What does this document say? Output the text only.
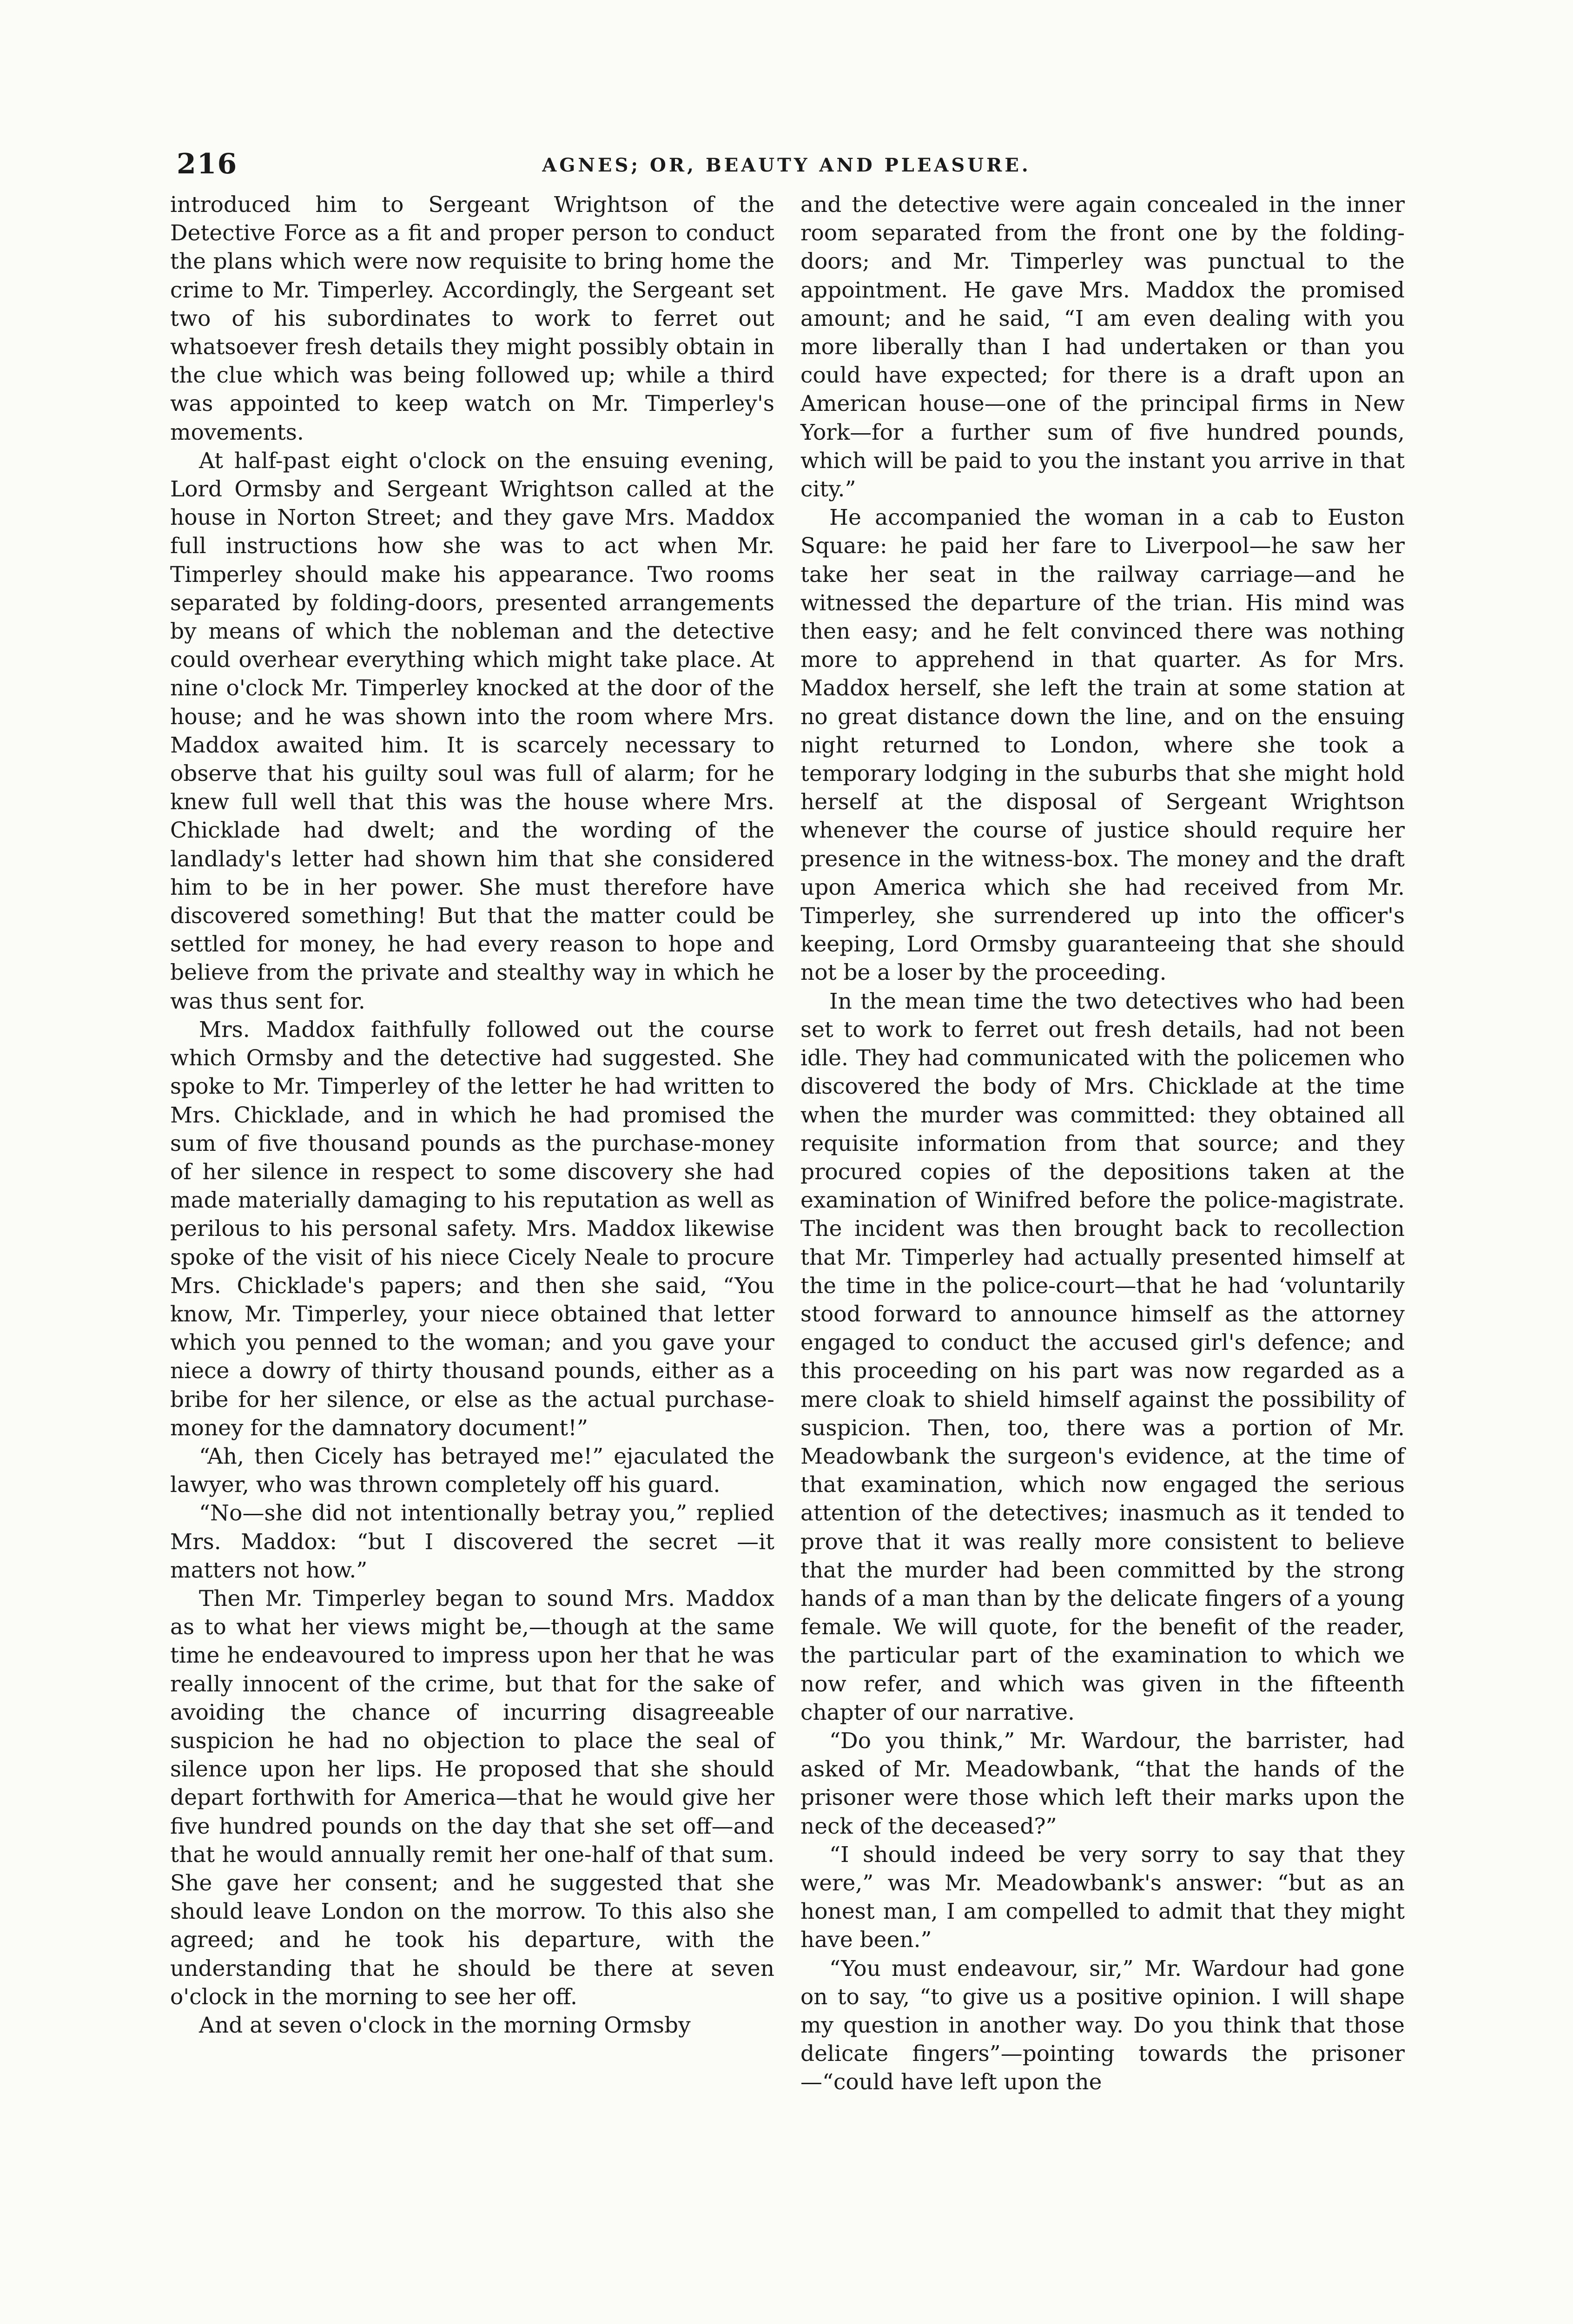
216	AGNES; OR, BEAUTY AND PLEASURE.

introduced him to Sergeant Wrightson of the Detective Force as a fit and proper person to conduct the plans which were now requisite to bring home the crime to Mr. Timperley. Accordingly, the Sergeant set two of his subordinates to work to ferret out whatsoever fresh details they might possibly obtain in the clue which was being followed up; while a third was appointed to keep watch on Mr. Timperley's movements.

At half-past eight o'clock on the ensuing evening, Lord Ormsby and Sergeant Wrightson called at the house in Norton Street; and they gave Mrs. Maddox full instructions how she was to act when Mr. Timperley should make his appearance. Two rooms separated by folding-doors, presented arrangements by means of which the nobleman and the detective could overhear everything which might take place. At nine o'clock Mr. Timperley knocked at the door of the house; and he was shown into the room where Mrs. Maddox awaited him. It is scarcely necessary to observe that his guilty soul was full of alarm; for he knew full well that this was the house where Mrs. Chicklade had dwelt; and the wording of the landlady's letter had shown him that she considered him to be in her power. She must therefore have discovered something! But that the matter could be settled for money, he had every reason to hope and believe from the private and stealthy way in which he was thus sent for.

Mrs. Maddox faithfully followed out the course which Ormsby and the detective had suggested. She spoke to Mr. Timperley of the letter he had written to Mrs. Chicklade, and in which he had promised the sum of five thousand pounds as the purchase-money of her silence in respect to some discovery she had made materially damaging to his reputation as well as perilous to his personal safety. Mrs. Maddox likewise spoke of the visit of his niece Cicely Neale to procure Mrs. Chicklade's papers; and then she said, “You know, Mr. Timperley, your niece obtained that letter which you penned to the woman; and you gave your niece a dowry of thirty thousand pounds, either as a bribe for her silence, or else as the actual purchase-money for the damnatory document!”

“Ah, then Cicely has betrayed me!” ejaculated the lawyer, who was thrown completely off his guard.

“No—she did not intentionally betray you,” replied Mrs. Maddox: “but I discovered the secret —it matters not how.”

Then Mr. Timperley began to sound Mrs. Maddox as to what her views might be,—though at the same time he endeavoured to impress upon her that he was really innocent of the crime, but that for the sake of avoiding the chance of incurring disagreeable suspicion he had no objection to place the seal of silence upon her lips. He proposed that she should depart forthwith for America—that he would give her five hundred pounds on the day that she set off—and that he would annually remit her one-half of that sum. She gave her consent; and he suggested that she should leave London on the morrow. To this also she agreed; and he took his departure, with the understanding that he should be there at seven o'clock in the morning to see her off.

And at seven o'clock in the morning Ormsby

and the detective were again concealed in the inner room separated from the front one by the folding-doors; and Mr. Timperley was punctual to the appointment. He gave Mrs. Maddox the promised amount; and he said, “I am even dealing with you more liberally than I had undertaken or than you could have expected; for there is a draft upon an American house—one of the principal firms in New York—for a further sum of five hundred pounds, which will be paid to you the instant you arrive in that city.”

He accompanied the woman in a cab to Euston Square: he paid her fare to Liverpool—he saw her take her seat in the railway carriage—and he witnessed the departure of the trian. His mind was then easy; and he felt convinced there was nothing more to apprehend in that quarter. As for Mrs. Maddox herself, she left the train at some station at no great distance down the line, and on the ensuing night returned to London, where she took a temporary lodging in the suburbs that she might hold herself at the disposal of Sergeant Wrightson whenever the course of justice should require her presence in the witness-box. The money and the draft upon America which she had received from Mr. Timperley, she surrendered up into the officer's keeping, Lord Ormsby guaranteeing that she should not be a loser by the proceeding.

In the mean time the two detectives who had been set to work to ferret out fresh details, had not been idle. They had communicated with the policemen who discovered the body of Mrs. Chicklade at the time when the murder was committed: they obtained all requisite information from that source; and they procured copies of the depositions taken at the examination of Winifred before the police-magistrate. The incident was then brought back to recollection that Mr. Timperley had actually presented himself at the time in the police-court—that he had ‘voluntarily stood forward to announce himself as the attorney engaged to conduct the accused girl's defence; and this proceeding on his part was now regarded as a mere cloak to shield himself against the possibility of suspicion. Then, too, there was a portion of Mr. Meadowbank the surgeon's evidence, at the time of that examination, which now engaged the serious attention of the detectives; inasmuch as it tended to prove that it was really more consistent to believe that the murder had been committed by the strong hands of a man than by the delicate fingers of a young female. We will quote, for the benefit of the reader, the particular part of the examination to which we now refer, and which was given in the fifteenth chapter of our narrative.

“Do you think,” Mr. Wardour, the barrister, had asked of Mr. Meadowbank, “that the hands of the prisoner were those which left their marks upon the neck of the deceased?”

“I should indeed be very sorry to say that they were,” was Mr. Meadowbank's answer: “but as an honest man, I am compelled to admit that they might have been.”

“You must endeavour, sir,” Mr. Wardour had gone on to say, “to give us a positive opinion. I will shape my question in another way. Do you think that those delicate fingers”—pointing towards the prisoner—“could have left upon the
